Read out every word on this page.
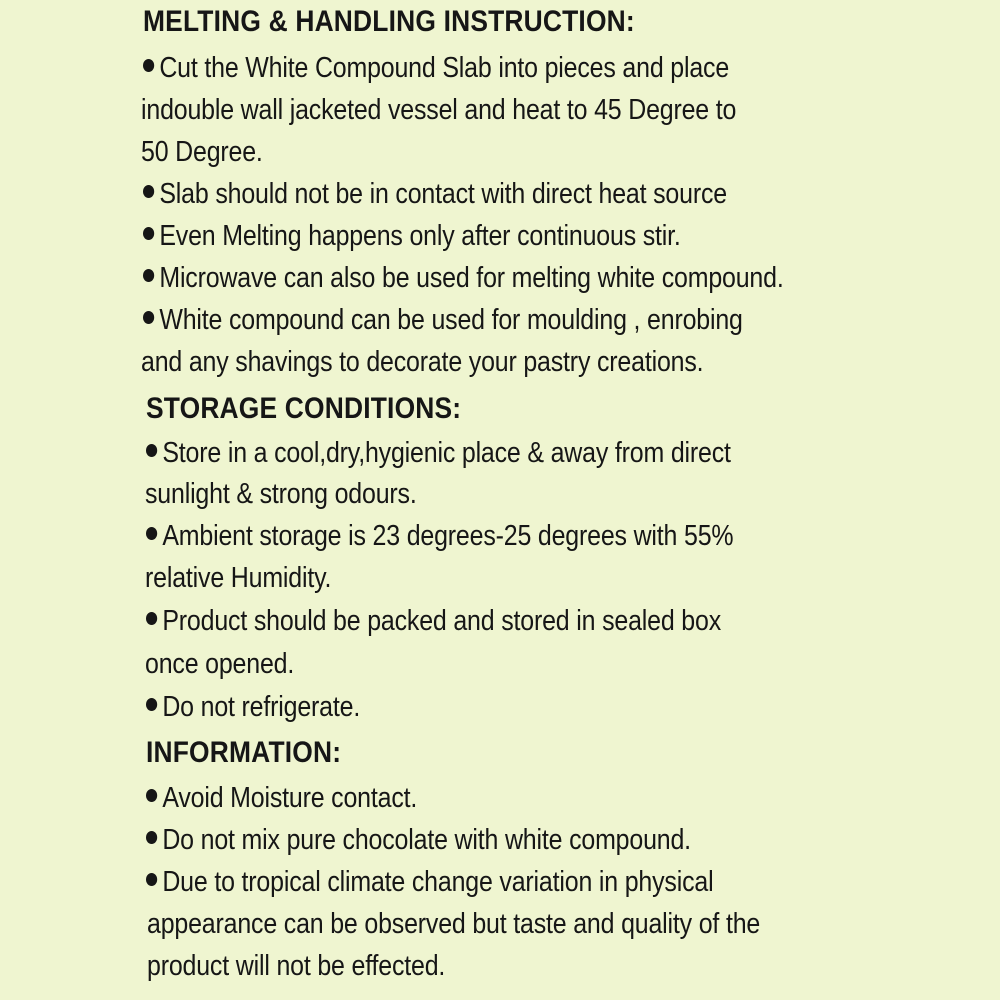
MELTING & HANDLING INSTRUCTION:
Cut the White Compound Slab into pieces and place
indouble wall jacketed vessel and heat to 45 Degree to
50 Degree.
Slab should not be in contact with direct heat source
Even Melting happens only after continuous stir.
Microwave can also be used for melting white compound.
White compound can be used for moulding , enrobing
and any shavings to decorate your pastry creations.
STORAGE CONDITIONS:
Store in a cool,dry,hygienic place & away from direct
sunlight & strong odours.
Ambient storage is 23 degrees-25 degrees with 55%
relative Humidity.
Product should be packed and stored in sealed box
once opened.
Do not refrigerate.
INFORMATION:
Avoid Moisture contact.
Do not mix pure chocolate with white compound.
Due to tropical climate change variation in physical
appearance can be observed but taste and quality of the
product will not be effected.
